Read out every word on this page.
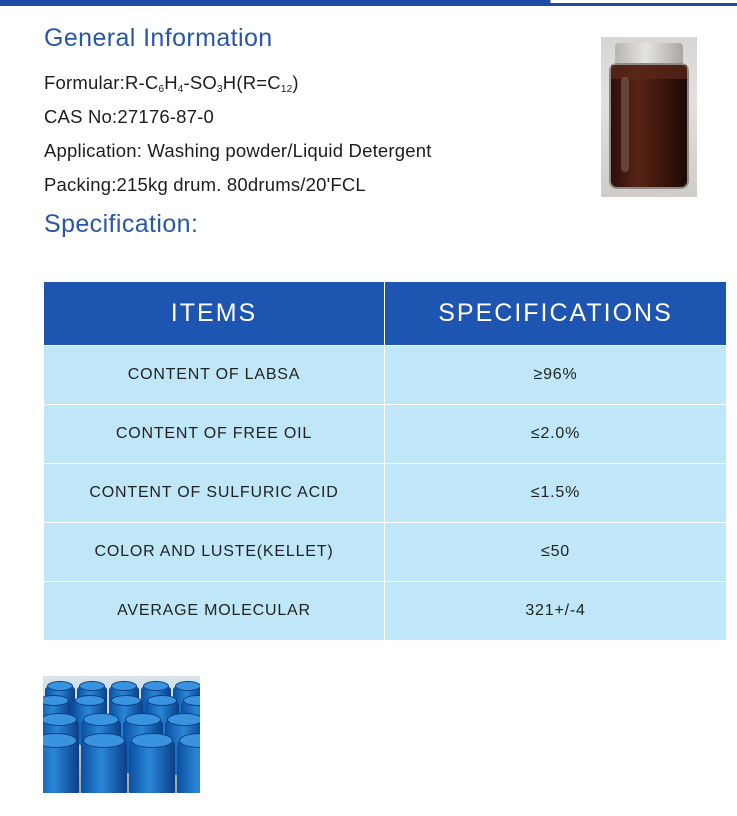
General Information
$Formular:R-C_6H_4-SO_3H(R=C_{12})$
CAS No:27176-87-0
Application: Washing powder/Liquid Detergent
Packing:215kg drum. 80drums/20'FCL
Specification:
ITEMS	SPECIFICATIONS
CONTENT OF LABSA	≥96%
CONTENT OF FREE OIL	≤2.0%
CONTENT OF SULFURIC ACID	≤1.5%
COLOR AND LUSTE(KELLET)	≤50
AVERAGE MOLECULAR	321+/-4
